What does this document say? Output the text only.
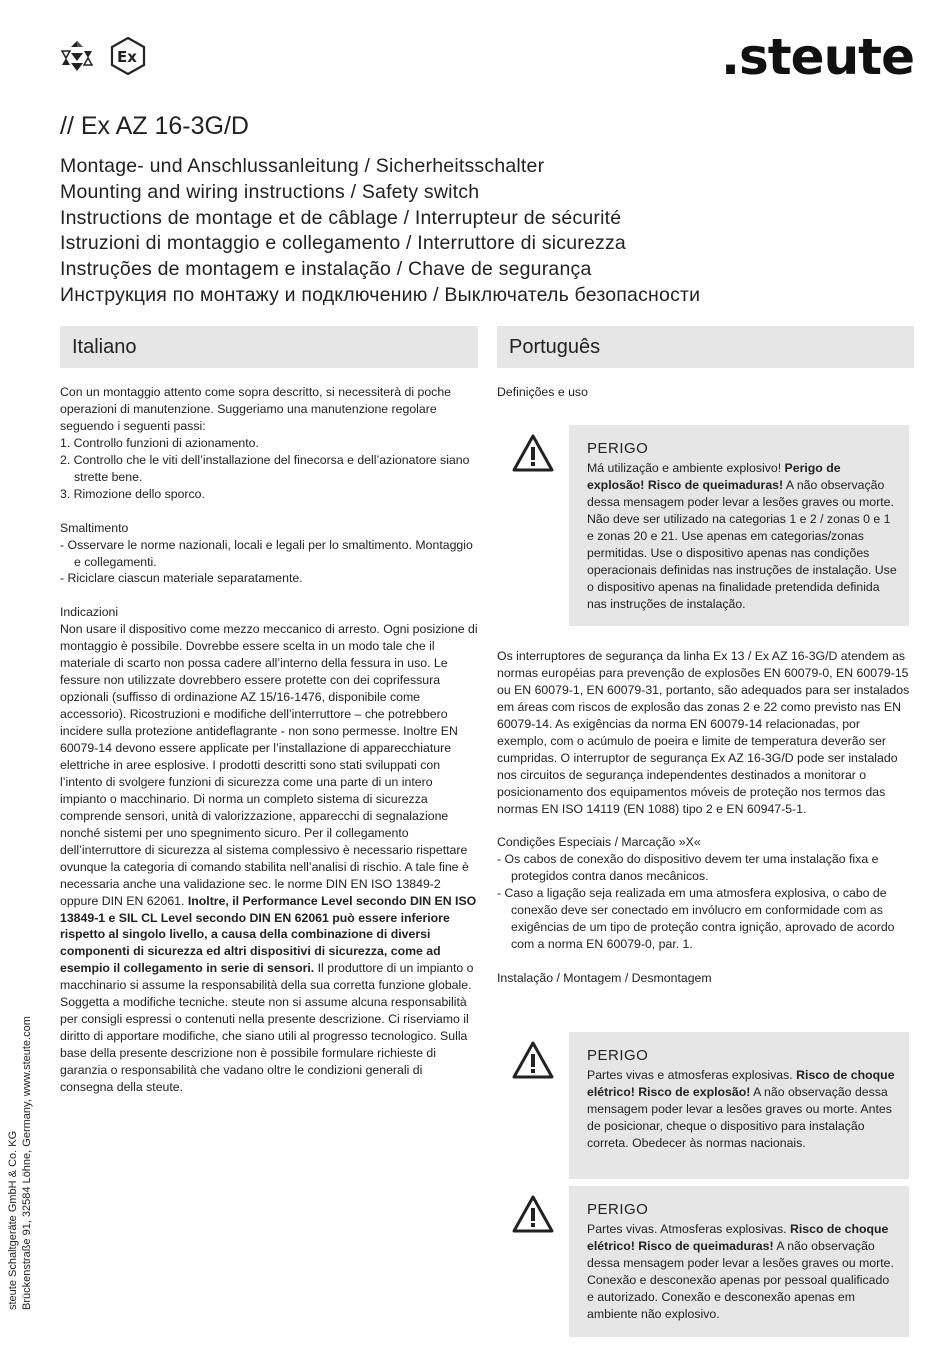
Ex	.steute
// Ex AZ 16-3G/D
Montage- und Anschlussanleitung / Sicherheitsschalter
Mounting and wiring instructions / Safety switch
Instructions de montage et de câblage / Interrupteur de sécurité
Istruzioni di montaggio e collegamento / Interruttore di sicurezza
Instruções de montagem e instalação / Chave de segurança
Инструкция по монтажу и подключению / Выключатель безопасности
Italiano	Português

Con un montaggio attento come sopra descritto, si necessiterà di poche operazioni di manutenzione. Suggeriamo una manutenzione regolare seguendo i seguenti passi:

1. Controllo funzioni di azionamento.

2. Controllo che le viti dell’installazione del finecorsa e dell’azionatore siano strette bene.

3. Rimozione dello sporco.

Smaltimento

- Osservare le norme nazionali, locali e legali per lo smaltimento. Montaggio e collegamenti.

- Riciclare ciascun materiale separatamente.

Indicazioni

Non usare il dispositivo come mezzo meccanico di arresto. Ogni posizione di montaggio è possibile. Dovrebbe essere scelta in un modo tale che il materiale di scarto non possa cadere all’interno della fessura in uso. Le fessure non utilizzate dovrebbero essere protette con dei coprifessura opzionali (suffisso di ordinazione AZ 15/16-1476, disponibile come accessorio). Ricostruzioni e modifiche dell’interruttore – che potrebbero incidere sulla protezione antideflagrante - non sono permesse. Inoltre EN 60079-14 devono essere applicate per l’installazione di apparecchiature elettriche in aree esplosive. I prodotti descritti sono stati sviluppati con l’intento di svolgere funzioni di sicurezza come una parte di un intero impianto o macchinario. Di norma un completo sistema di sicurezza comprende sensori, unità di valorizzazione, apparecchi di segnalazione nonché sistemi per uno spegnimento sicuro. Per il collegamento dell’interruttore di sicurezza al sistema complessivo è necessario rispettare ovunque la categoria di comando stabilita nell’analisi di rischio. A tale fine è necessaria anche una validazione sec. le norme DIN EN ISO 13849-2 oppure DIN EN 62061. Inoltre, il Performance Level secondo DIN EN ISO 13849-1 e SIL CL Level secondo DIN EN 62061 può essere inferiore rispetto al singolo livello, a causa della combinazione di diversi componenti di sicurezza ed altri dispositivi di sicurezza, come ad esempio il collegamento in serie di sensori. Il produttore di un impianto o macchinario si assume la responsabilità della sua corretta funzione globale. Soggetta a modifiche tecniche. steute non si assume alcuna responsabilità per consigli espressi o contenuti nella presente descrizione. Ci riserviamo il diritto di apportare modifiche, che siano utili al progresso tecnologico. Sulla base della presente descrizione non è possibile formulare richieste di garanzia o responsabilità che vadano oltre le condizioni generali di consegna della steute.

Definições e uso
PERIGO
Má utilização e ambiente explosivo! Perigo de explosão! Risco de queimaduras! A não observação dessa mensagem poder levar a lesões graves ou morte. Não deve ser utilizado na categorias 1 e 2 / zonas 0 e 1 e zonas 20 e 21. Use apenas em categorias/zonas permitidas. Use o dispositivo apenas nas condições operacionais definidas nas instruções de instalação. Use o dispositivo apenas na finalidade pretendida definida nas instruções de instalação.

Os interruptores de segurança da linha Ex 13 / Ex AZ 16-3G/D atendem as normas européias para prevenção de explosões EN 60079-0, EN 60079-15 ou EN 60079-1, EN 60079-31, portanto, são adequados para ser instalados em áreas com riscos de explosão das zonas 2 e 22 como previsto nas EN 60079-14. As exigências da norma EN 60079-14 relacionadas, por exemplo, com o acúmulo de poeira e limite de temperatura deverão ser cumpridas. O interruptor de segurança Ex AZ 16-3G/D pode ser instalado nos circuitos de segurança independentes destinados a monitorar o posicionamento dos equipamentos móveis de proteção nos termos das normas EN ISO 14119 (EN 1088) tipo 2 e EN 60947-5-1.

Condições Especiais / Marcação »X«

- Os cabos de conexão do dispositivo devem ter uma instalação fixa e protegidos contra danos mecânicos.

- Caso a ligação seja realizada em uma atmosfera explosiva, o cabo de conexão deve ser conectado em invólucro em conformidade com as exigências de um tipo de proteção contra ignição, aprovado de acordo com a norma EN 60079-0, par. 1.

Instalação / Montagem / Desmontagem

PERIGO
Partes vivas e atmosferas explosivas. Risco de choque elétrico! Risco de explosão! A não observação dessa mensagem poder levar a lesões graves ou morte. Antes de posicionar, cheque o dispositivo para instalação correta. Obedecer às normas nacionais.
PERIGO
Partes vivas. Atmosferas explosivas. Risco de choque elétrico! Risco de queimaduras! A não observação dessa mensagem poder levar a lesões graves ou morte. Conexão e desconexão apenas por pessoal qualificado e autorizado. Conexão e desconexão apenas em ambiente não explosivo.
steute Schaltgeräte GmbH & Co. KG Brückenstraße 91, 32584 Löhne, Germany, www.steute.com
